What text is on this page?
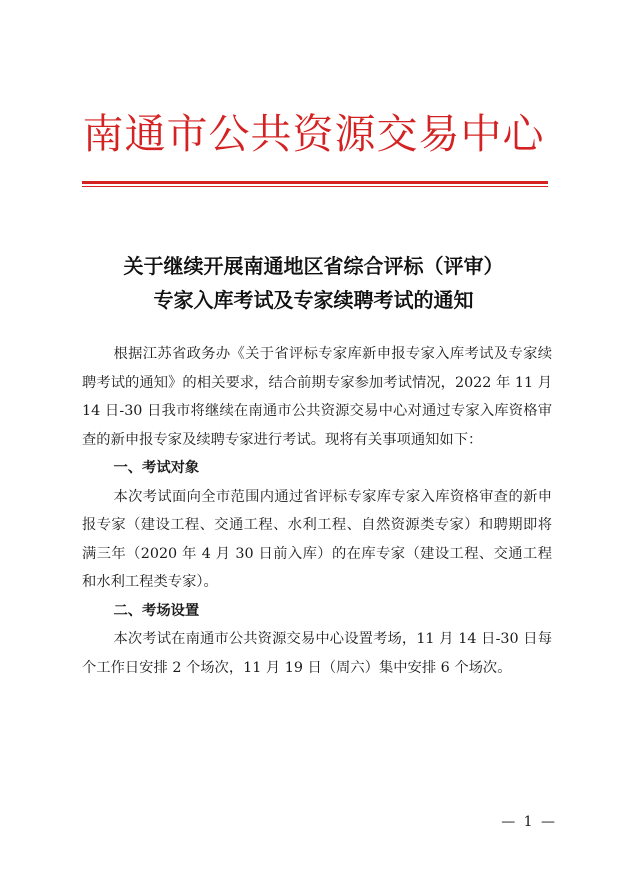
南通市公共资源交易中心
关于继续开展南通地区省综合评标（评审）
专家入库考试及专家续聘考试的通知

根据江苏省政务办《关于省评标专家库新申报专家入库考试及专家续聘考试的通知》的相关要求，结合前期专家参加考试情况，2022 年 11 月 14 日-30 日我市将继续在南通市公共资源交易中心对通过专家入库资格审查的新申报专家及续聘专家进行考试。现将有关事项通知如下：

一、考试对象

本次考试面向全市范围内通过省评标专家库专家入库资格审查的新申报专家（建设工程、交通工程、水利工程、自然资源类专家）和聘期即将满三年（2020 年 4 月 30 日前入库）的在库专家（建设工程、交通工程和水利工程类专家）。

二、考场设置

本次考试在南通市公共资源交易中心设置考场，11 月 14 日-30 日每个工作日安排 2 个场次，11 月 19 日（周六）集中安排 6 个场次。

— 1 —
